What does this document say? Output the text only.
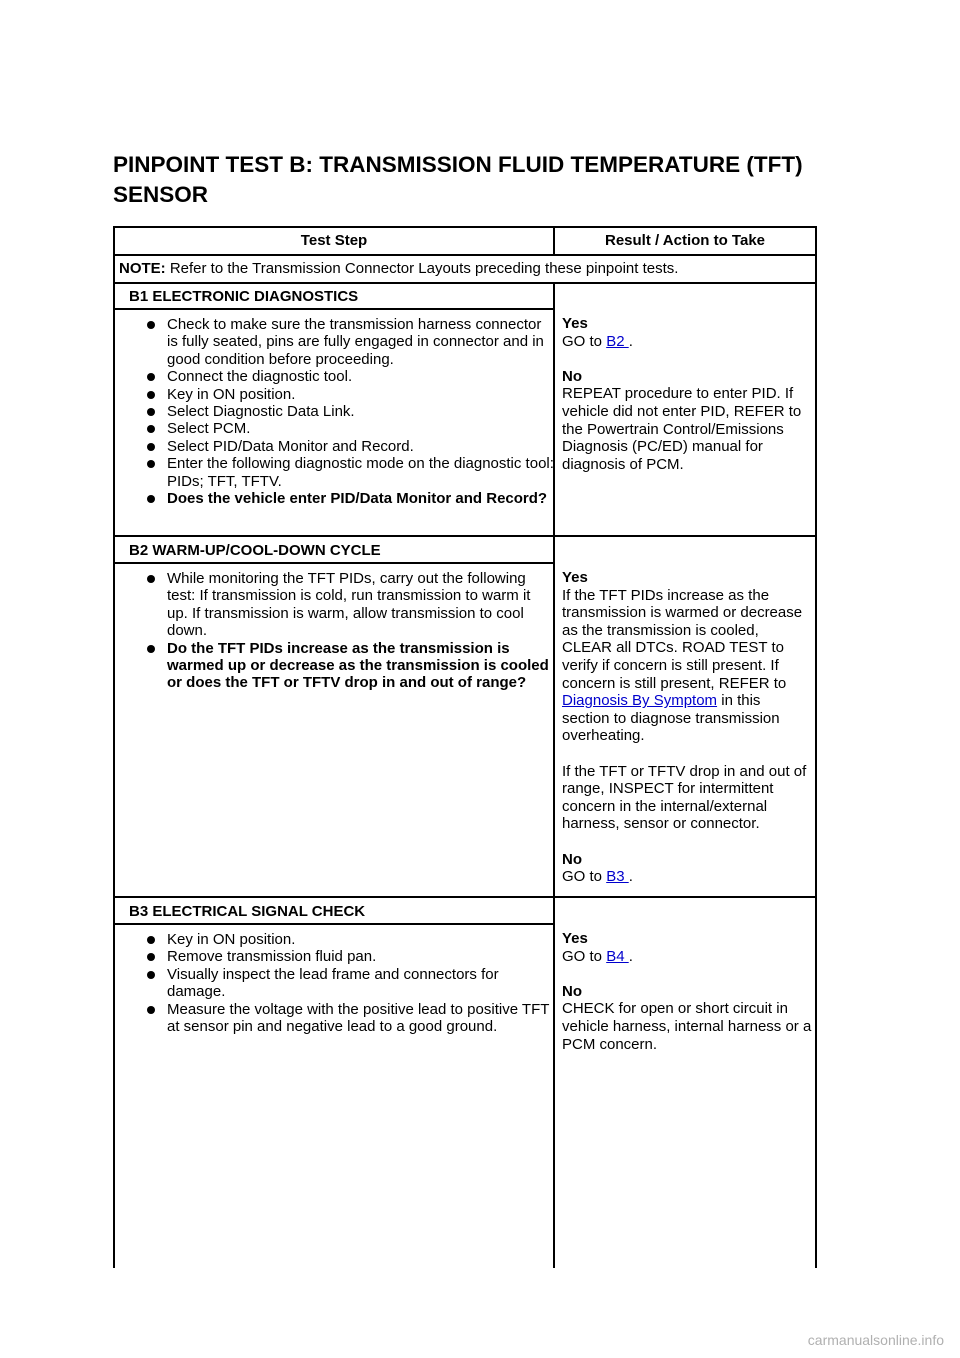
PINPOINT TEST B: TRANSMISSION FLUID TEMPERATURE (TFT) SENSOR
Test Step	Result / Action to Take
NOTE: Refer to the Transmission Connector Layouts preceding these pinpoint tests.
B1 ELECTRONIC DIAGNOSTICS
Check to make sure the transmission harness connector is fully seated, pins are fully engaged in connector and in good condition before proceeding.
Connect the diagnostic tool.
Key in ON position.
Select Diagnostic Data Link.
Select PCM.
Select PID/Data Monitor and Record.
Enter the following diagnostic mode on the diagnostic tool: PIDs; TFT, TFTV.
Does the vehicle enter PID/Data Monitor and Record?

Yes
GO to B2 .

No
REPEAT procedure to enter PID. If vehicle did not enter PID, REFER to the Powertrain Control/Emissions Diagnosis (PC/ED) manual for diagnosis of PCM.

B2 WARM-UP/COOL-DOWN CYCLE
While monitoring the TFT PIDs, carry out the following test: If transmission is cold, run transmission to warm it up. If transmission is warm, allow transmission to cool down.
Do the TFT PIDs increase as the transmission is warmed up or decrease as the transmission is cooled or does the TFT or TFTV drop in and out of range?

Yes
If the TFT PIDs increase as the transmission is warmed or decrease as the transmission is cooled, CLEAR all DTCs. ROAD TEST to verify if concern is still present. If concern is still present, REFER to Diagnosis By Symptom in this section to diagnose transmission overheating.

If the TFT or TFTV drop in and out of range, INSPECT for intermittent concern in the internal/external harness, sensor or connector.

No
GO to B3 .

B3 ELECTRICAL SIGNAL CHECK
Key in ON position.
Remove transmission fluid pan.
Visually inspect the lead frame and connectors for damage.
Measure the voltage with the positive lead to positive TFT at sensor pin and negative lead to a good ground.

Yes
GO to B4 .

No
CHECK for open or short circuit in vehicle harness, internal harness or a PCM concern.

carmanualsonline.info
